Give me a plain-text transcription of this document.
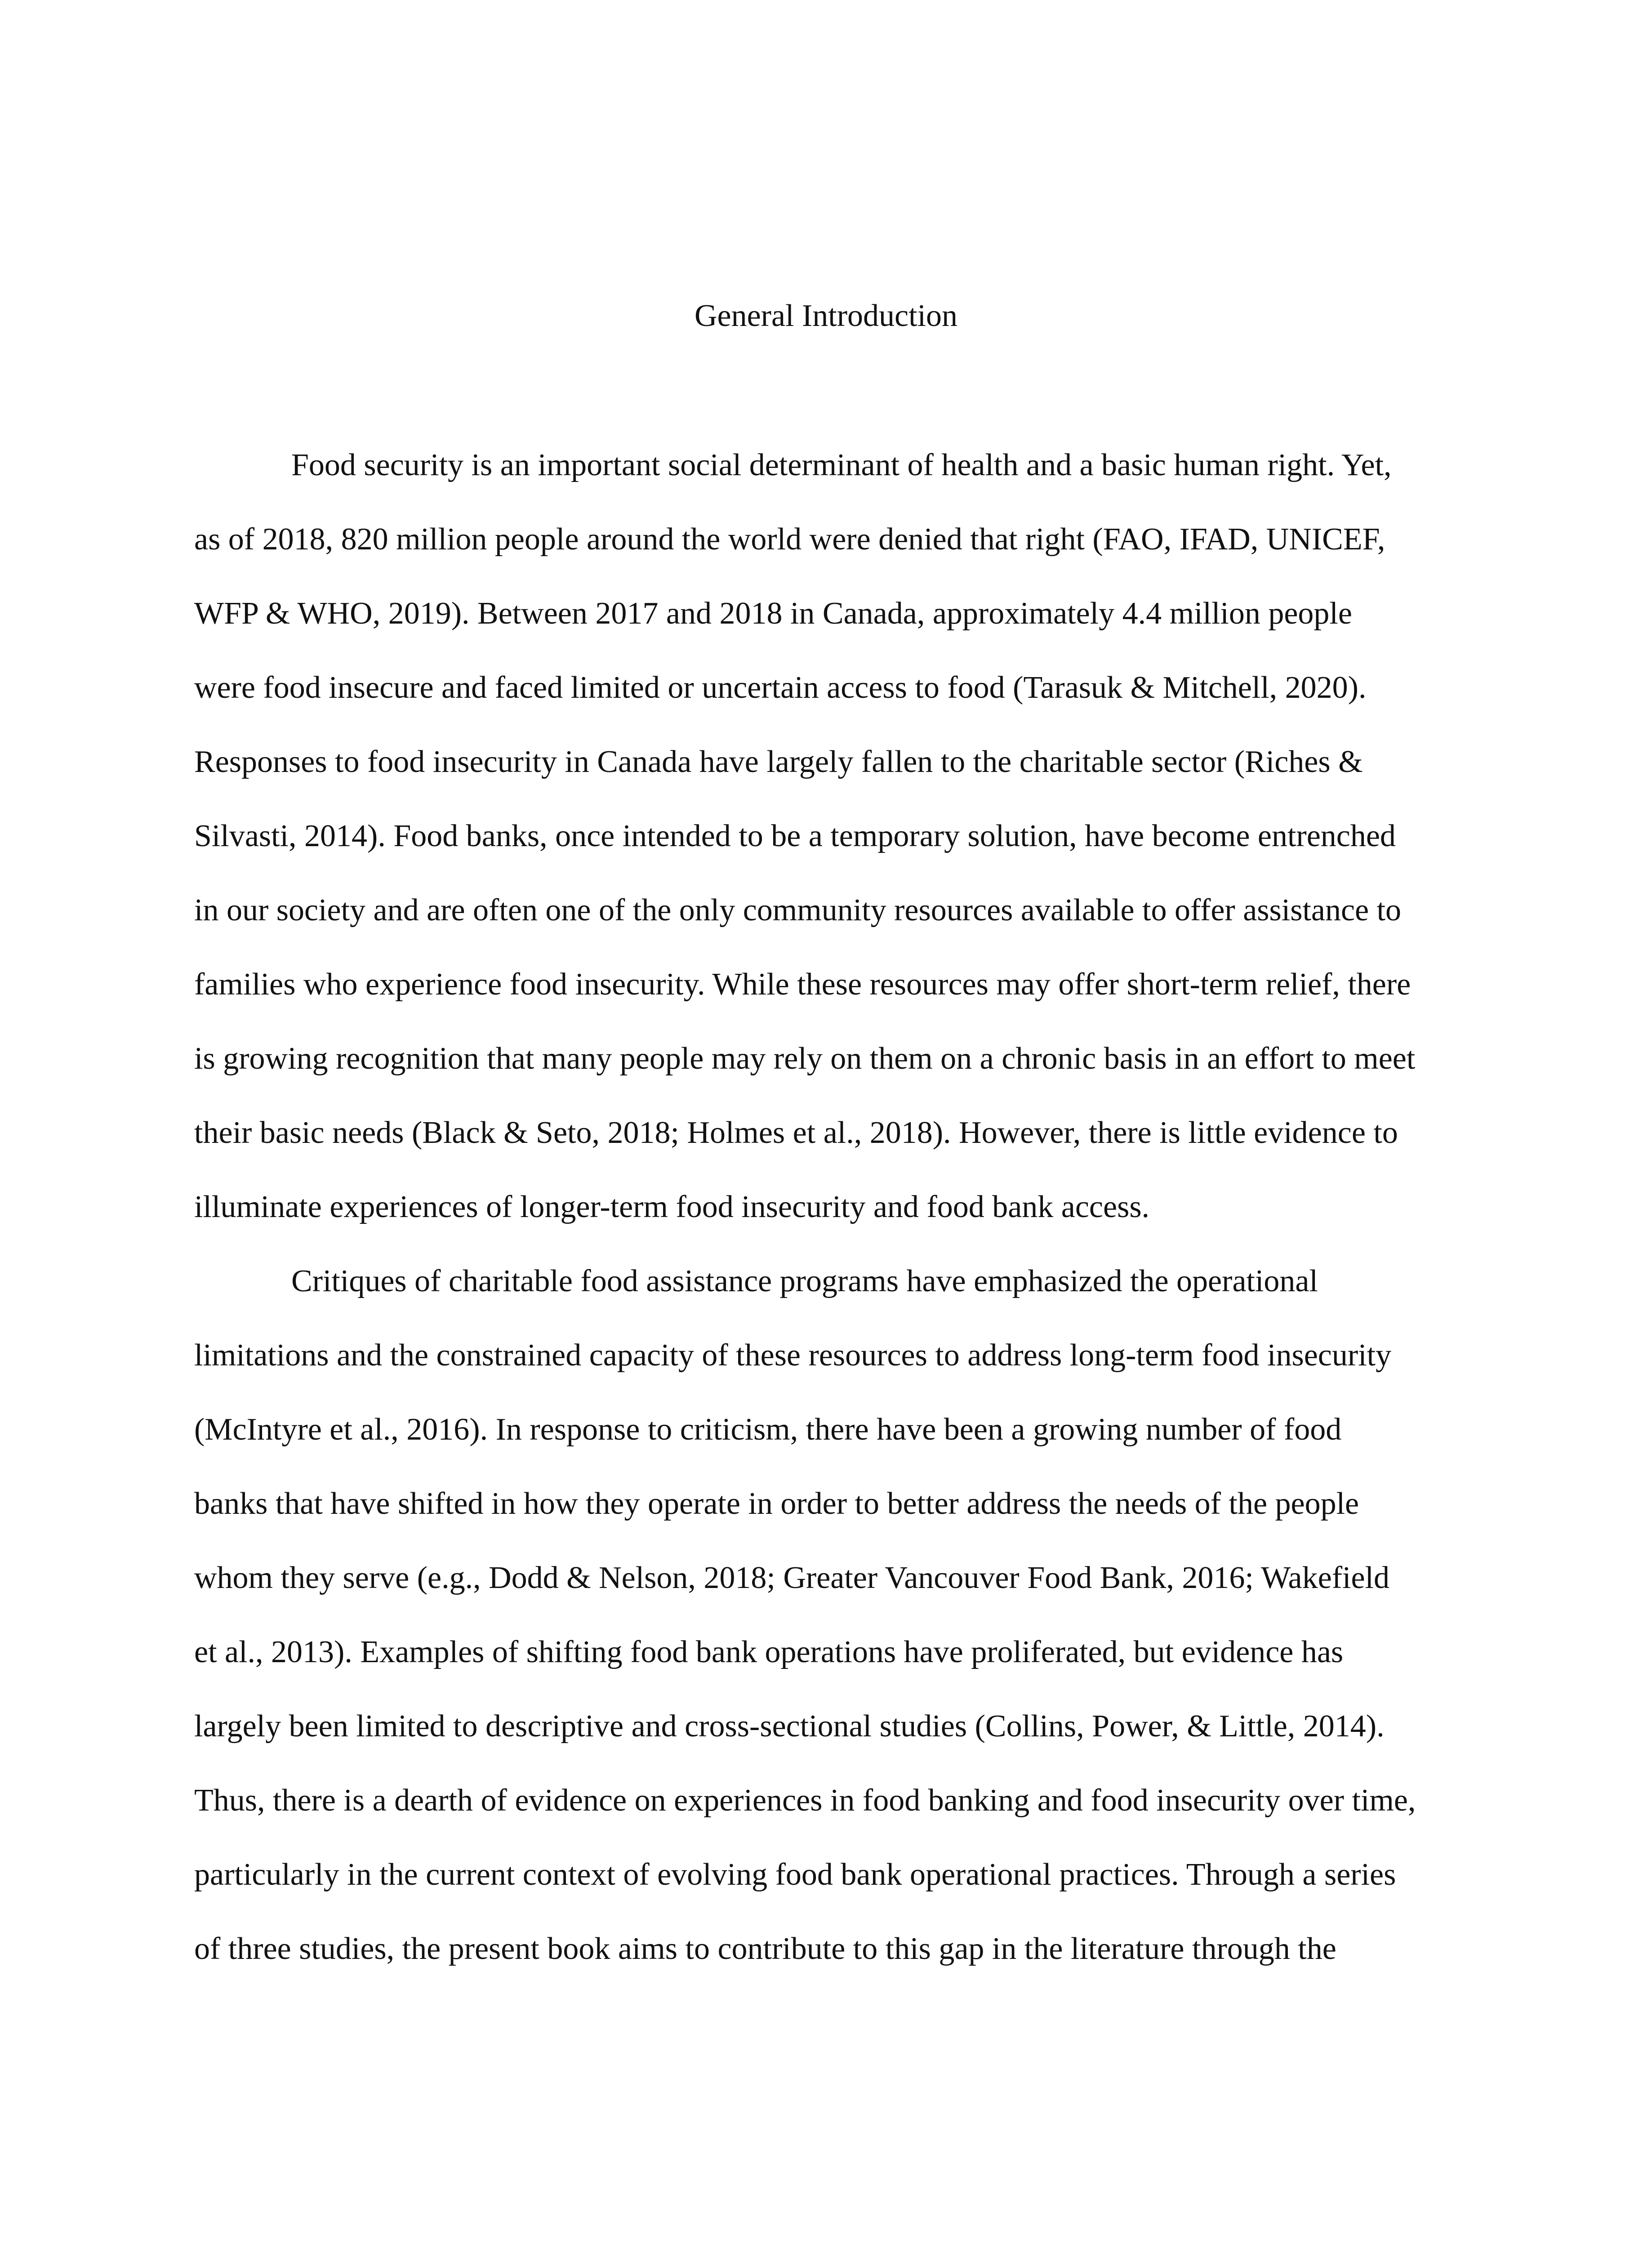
General Introduction
Food security is an important social determinant of health and a basic human right. Yet,
as of 2018, 820 million people around the world were denied that right (FAO, IFAD, UNICEF,
WFP & WHO, 2019). Between 2017 and 2018 in Canada, approximately 4.4 million people
were food insecure and faced limited or uncertain access to food (Tarasuk & Mitchell, 2020).
Responses to food insecurity in Canada have largely fallen to the charitable sector (Riches &
Silvasti, 2014). Food banks, once intended to be a temporary solution, have become entrenched
in our society and are often one of the only community resources available to offer assistance to
families who experience food insecurity. While these resources may offer short-term relief, there
is growing recognition that many people may rely on them on a chronic basis in an effort to meet
their basic needs (Black & Seto, 2018; Holmes et al., 2018). However, there is little evidence to
illuminate experiences of longer-term food insecurity and food bank access.
Critiques of charitable food assistance programs have emphasized the operational
limitations and the constrained capacity of these resources to address long-term food insecurity
(McIntyre et al., 2016). In response to criticism, there have been a growing number of food
banks that have shifted in how they operate in order to better address the needs of the people
whom they serve (e.g., Dodd & Nelson, 2018; Greater Vancouver Food Bank, 2016; Wakefield
et al., 2013). Examples of shifting food bank operations have proliferated, but evidence has
largely been limited to descriptive and cross-sectional studies (Collins, Power, & Little, 2014).
Thus, there is a dearth of evidence on experiences in food banking and food insecurity over time,
particularly in the current context of evolving food bank operational practices. Through a series
of three studies, the present book aims to contribute to this gap in the literature through the
